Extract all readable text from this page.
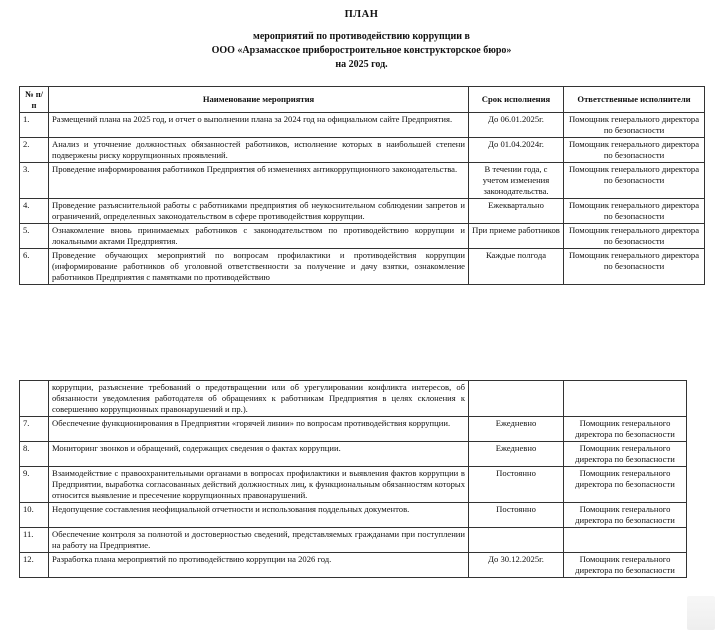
ПЛАН
мероприятий по противодействию коррупции в
ООО «Арзамасское приборостроительное конструкторское бюро»
на 2025 год.
№ п/п	Наименование мероприятия	Срок исполнения	Ответственные исполнители
1.	Размещений плана на 2025 год, и отчет о выполнении плана за 2024 год на официальном сайте Предприятия.	До 06.01.2025г.	Помощник генерального директора по безопасности
2.	Анализ и уточнение должностных обязанностей работников, исполнение которых в наибольшей степени подвержены риску коррупционных проявлений.	До 01.04.2024г.	Помощник генерального директора по безопасности
3.	Проведение информирования работников Предприятия об изменениях антикоррупционного законодательства.	В течении года, с учетом изменения законодательства.	Помощник генерального директора по безопасности
4.	Проведение разъяснительной работы с работниками предприятия об неукоснительном соблюдении запретов и ограничений, определенных законодательством в сфере противодействия коррупции.	Ежеквартально	Помощник генерального директора по безопасности
5.	Ознакомление вновь принимаемых работников с законодательством по противодействию коррупции и локальными актами Предприятия.	При приеме работников	Помощник генерального директора по безопасности
6.	Проведение обучающих мероприятий по вопросам профилактики и противодействия коррупции (информирование работников об уголовной ответственности за получение и дачу взятки, ознакомление работников Предприятия с памятками по противодействию	Каждые полгода	Помощник генерального директора по безопасности
	коррупции, разъяснение требований о предотвращении или об урегулировании конфликта интересов, об обязанности уведомления работодателя об обращениях к работникам Предприятия в целях склонения к совершению коррупционных правонарушений и пр.).		
7.	Обеспечение функционирования в Предприятии «горячей линии» по вопросам противодействия коррупции.	Ежедневно	Помощник генерального директора по безопасности
8.	Мониторинг звонков и обращений, содержащих сведения о фактах коррупции.	Ежедневно	Помощник генерального директора по безопасности
9.	Взаимодействие с правоохранительными органами в вопросах профилактики и выявления фактов коррупции в Предприятии, выработка согласованных действий должностных лиц, к функциональным обязанностям которых относится выявление и пресечение коррупционных правонарушений.	Постоянно	Помощник генерального директора по безопасности
10.	Недопущение составления неофициальной отчетности и использования поддельных документов.	Постоянно	Помощник генерального директора по безопасности
11.	Обеспечение контроля за полнотой и достоверностью сведений, представляемых гражданами при поступлении на работу на Предприятие.		
12.	Разработка плана мероприятий по противодействию коррупции на 2026 год.	До 30.12.2025г.	Помощник генерального директора по безопасности
